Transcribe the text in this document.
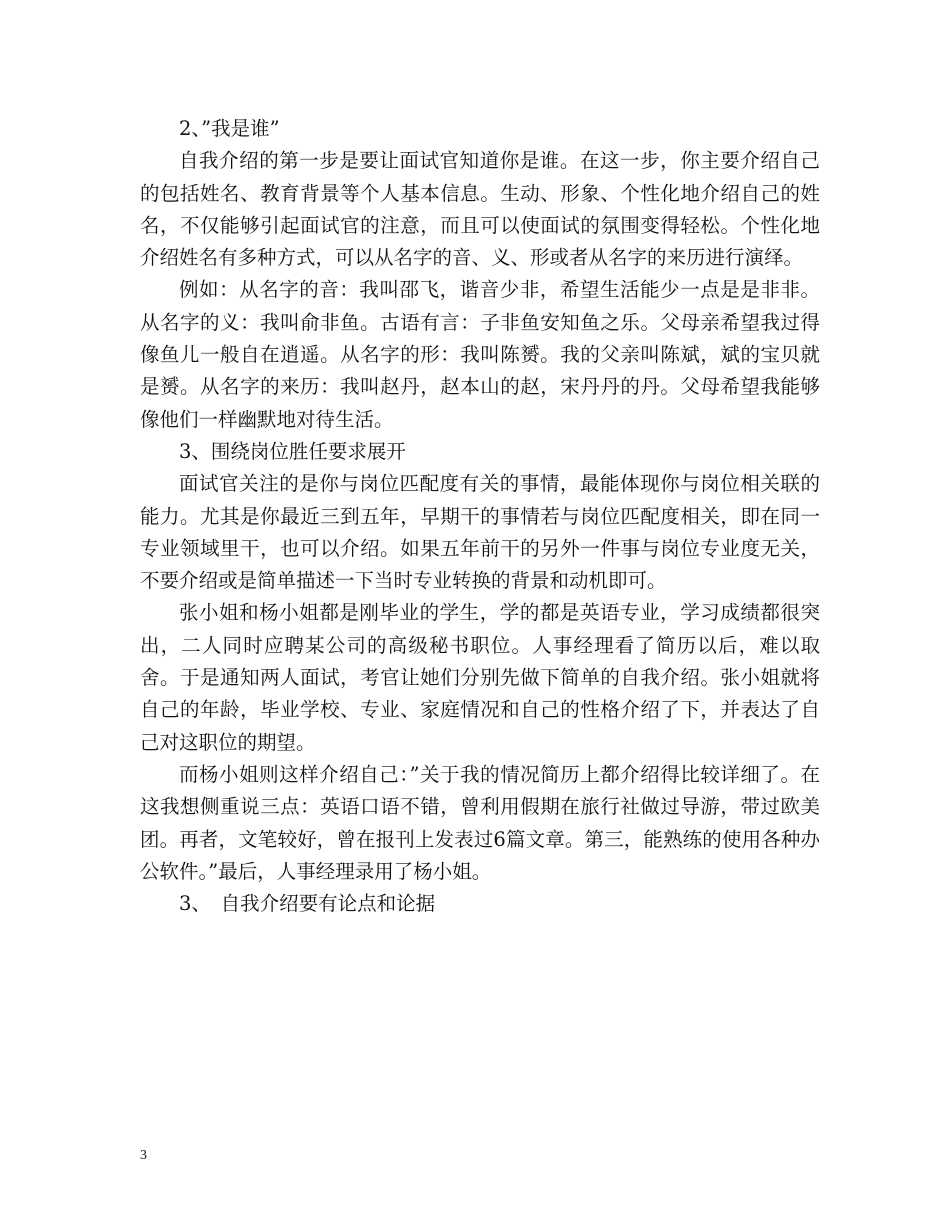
2、”我是谁”

自我介绍的第一步是要让面试官知道你是谁。在这一步，你主要介绍自己的包括姓名、教育背景等个人基本信息。生动、形象、个性化地介绍自己的姓名，不仅能够引起面试官的注意，而且可以使面试的氛围变得轻松。个性化地介绍姓名有多种方式，可以从名字的音、义、形或者从名字的来历进行演绎。

例如：从名字的音：我叫邵飞，谐音少非，希望生活能少一点是是非非。从名字的义：我叫俞非鱼。古语有言：子非鱼安知鱼之乐。父母亲希望我过得像鱼儿一般自在逍遥。从名字的形：我叫陈赟。我的父亲叫陈斌，斌的宝贝就是赟。从名字的来历：我叫赵丹，赵本山的赵，宋丹丹的丹。父母希望我能够像他们一样幽默地对待生活。

3、围绕岗位胜任要求展开

面试官关注的是你与岗位匹配度有关的事情，最能体现你与岗位相关联的能力。尤其是你最近三到五年，早期干的事情若与岗位匹配度相关，即在同一专业领域里干，也可以介绍。如果五年前干的另外一件事与岗位专业度无关，不要介绍或是简单描述一下当时专业转换的背景和动机即可。

张小姐和杨小姐都是刚毕业的学生，学的都是英语专业，学习成绩都很突出，二人同时应聘某公司的高级秘书职位。人事经理看了简历以后，难以取舍。于是通知两人面试，考官让她们分别先做下简单的自我介绍。张小姐就将自己的年龄，毕业学校、专业、家庭情况和自己的性格介绍了下，并表达了自己对这职位的期望。

而杨小姐则这样介绍自己：”关于我的情况简历上都介绍得比较详细了。在这我想侧重说三点：英语口语不错，曾利用假期在旅行社做过导游，带过欧美团。再者，文笔较好，曾在报刊上发表过6篇文章。第三，能熟练的使用各种办公软件。”最后，人事经理录用了杨小姐。

3、　自我介绍要有论点和论据

3
